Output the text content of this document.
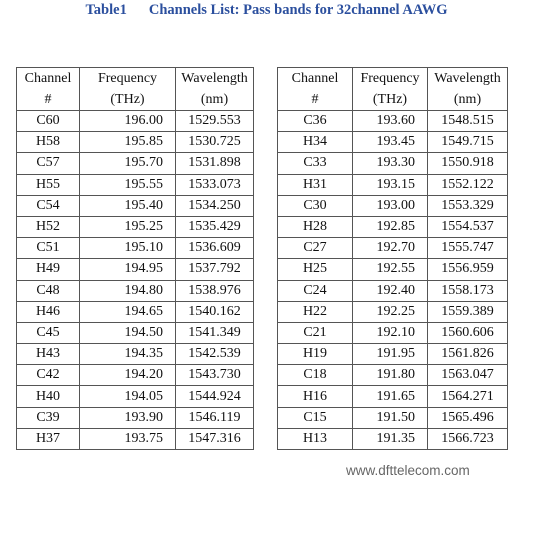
Table1 Channels List: Pass bands for 32channel AAWG
Channel	Frequency	Wavelength
#	(THz)	(nm)
C60	196.00	1529.553
H58	195.85	1530.725
C57	195.70	1531.898
H55	195.55	1533.073
C54	195.40	1534.250
H52	195.25	1535.429
C51	195.10	1536.609
H49	194.95	1537.792
C48	194.80	1538.976
H46	194.65	1540.162
C45	194.50	1541.349
H43	194.35	1542.539
C42	194.20	1543.730
H40	194.05	1544.924
C39	193.90	1546.119
H37	193.75	1547.316
Channel	Frequency	Wavelength
#	(THz)	(nm)
C36	193.60	1548.515
H34	193.45	1549.715
C33	193.30	1550.918
H31	193.15	1552.122
C30	193.00	1553.329
H28	192.85	1554.537
C27	192.70	1555.747
H25	192.55	1556.959
C24	192.40	1558.173
H22	192.25	1559.389
C21	192.10	1560.606
H19	191.95	1561.826
C18	191.80	1563.047
H16	191.65	1564.271
C15	191.50	1565.496
H13	191.35	1566.723
www.dfttelecom.com
